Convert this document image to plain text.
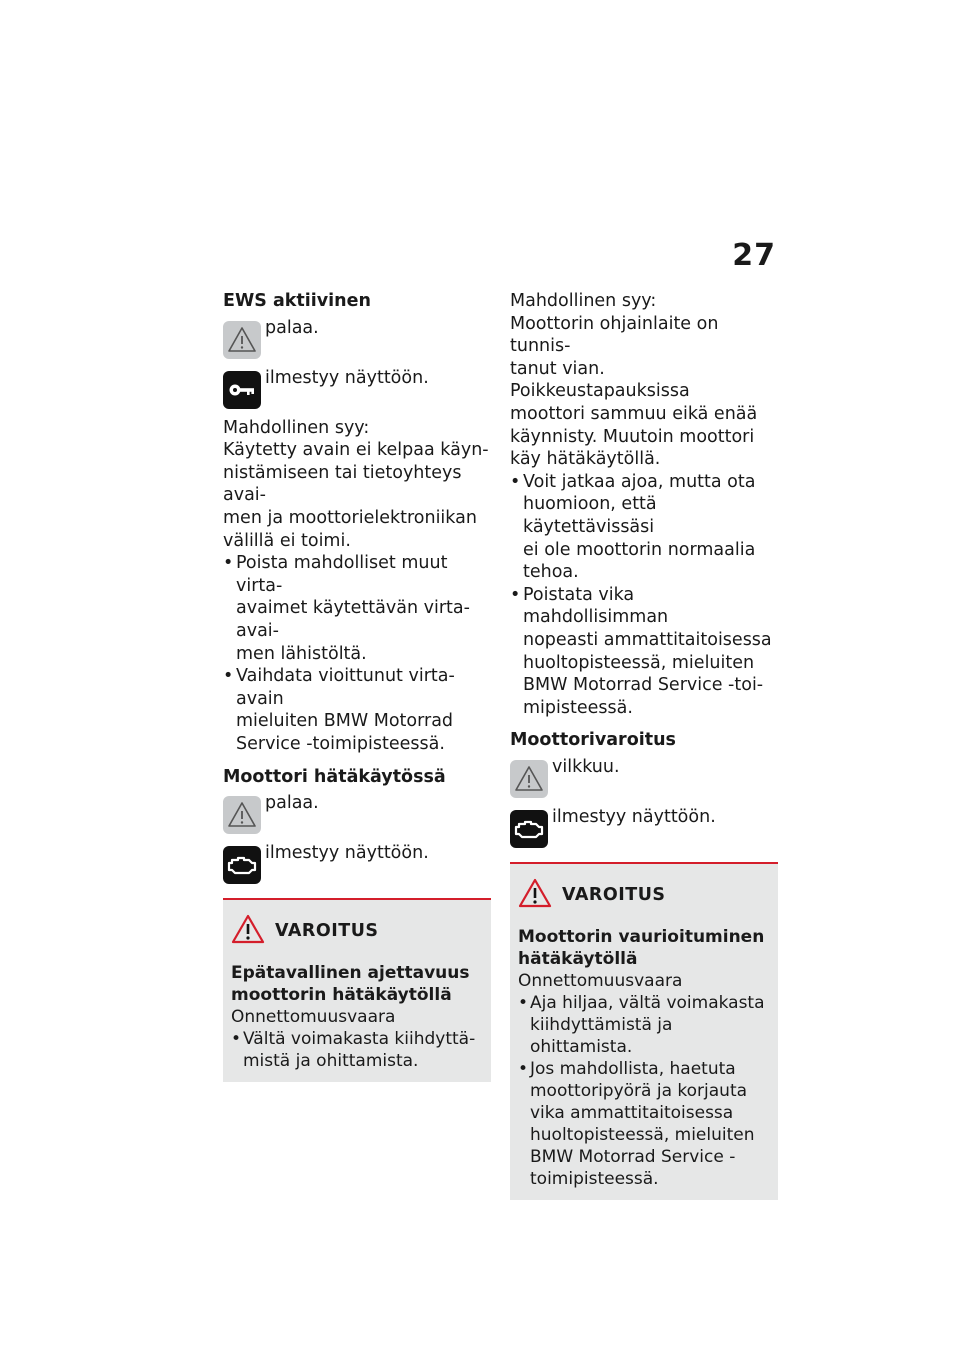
27
EWS aktiivinen
palaa.
ilmestyy näyttöön.
Mahdollinen syy:
Käytetty avain ei kelpaa käyn-
nistämiseen tai tietoyhteys avai-
men ja moottorielektroniikan
välillä ei toimi.
• Poista mahdolliset muut virta-
avaimet käytettävän virta-avai-
men lähistöltä.
• Vaihdata vioittunut virta-avain
mieluiten BMW Motorrad
Service -toimipisteessä.
Moottori hätäkäytössä
palaa.
ilmestyy näyttöön.
VAROITUS
Epätavallinen ajettavuus
moottorin hätäkäytöllä
Onnettomuusvaara
• Vältä voimakasta kiihdyttä-
mistä ja ohittamista.
Mahdollinen syy:
Moottorin ohjainlaite on tunnis-
tanut vian. Poikkeustapauksissa
moottori sammuu eikä enää
käynnisty. Muutoin moottori
käy hätäkäytöllä.
• Voit jatkaa ajoa, mutta ota
huomioon, että käytettävissäsi
ei ole moottorin normaalia
tehoa.
• Poistata vika mahdollisimman
nopeasti ammattitaitoisessa
huoltopisteessä, mieluiten
BMW Motorrad Service -toi-
mipisteessä.
Moottorivaroitus
vilkkuu.
ilmestyy näyttöön.
VAROITUS
Moottorin vaurioituminen
hätäkäytöllä
Onnettomuusvaara
• Aja hiljaa, vältä voimakasta
kiihdyttämistä ja ohittamista.
• Jos mahdollista, haetuta
moottoripyörä ja korjauta
vika ammattitaitoisessa
huoltopisteessä, mieluiten
BMW Motorrad Service -
toimipisteessä.
